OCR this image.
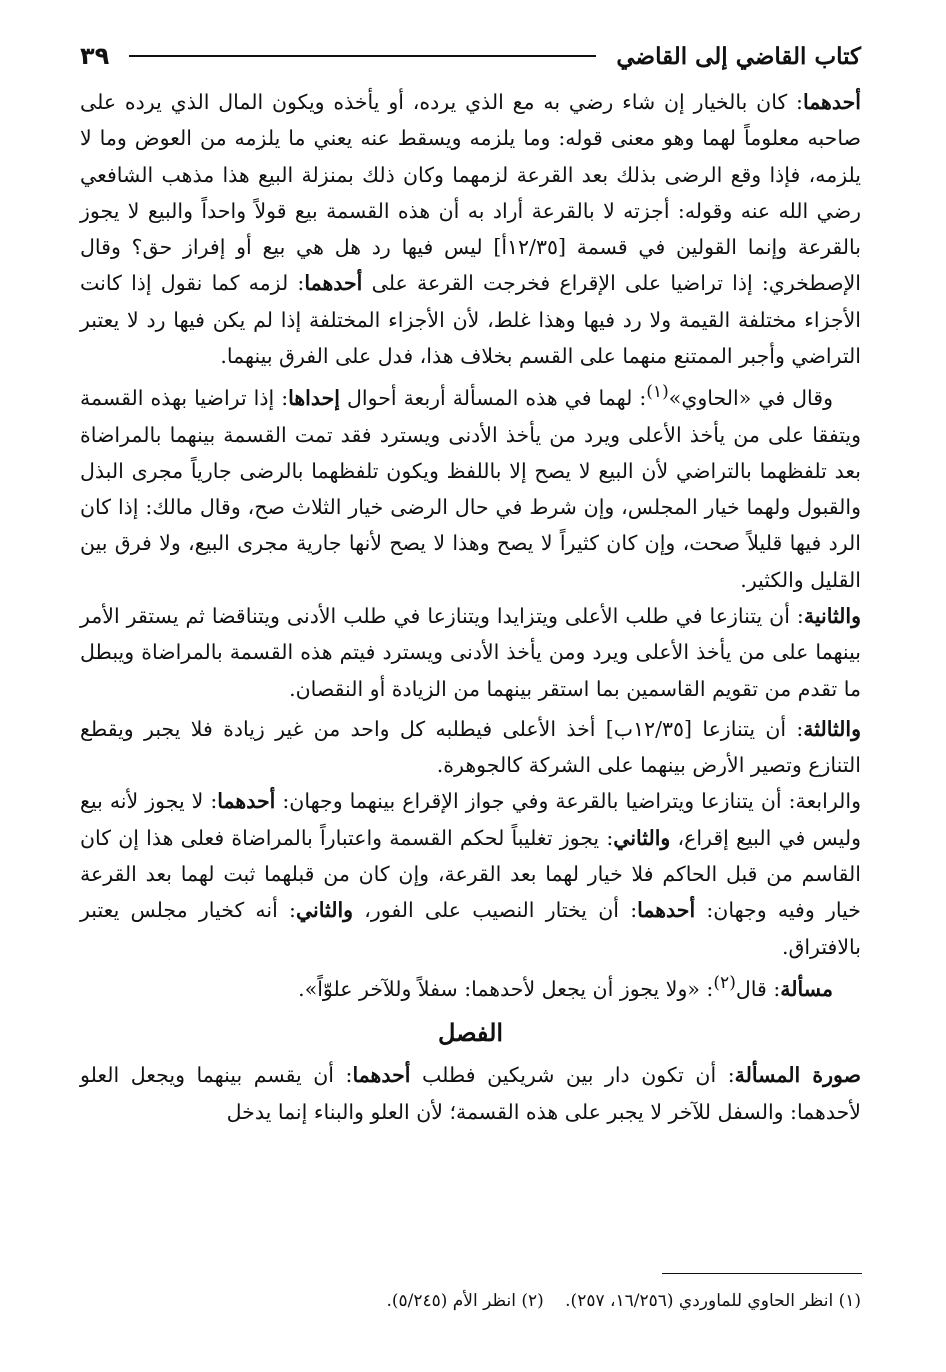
كتاب القاضي إلى القاضي
٣٩

أحدهما: كان بالخيار إن شاء رضي به مع الذي يرده، أو يأخذه ويكون المال الذي يرده على صاحبه معلوماً لهما وهو معنى قوله: وما يلزمه ويسقط عنه يعني ما يلزمه من العوض وما لا يلزمه، فإذا وقع الرضى بذلك بعد القرعة لزمهما وكان ذلك بمنزلة البيع هذا مذهب الشافعي رضي الله عنه وقوله: أجزته لا بالقرعة أراد به أن هذه القسمة بيع قولاً واحداً والبيع لا يجوز بالقرعة وإنما القولين في قسمة [١٢/٣٥أ] ليس فيها رد هل هي بيع أو إفراز حق؟ وقال الإصطخري: إذا تراضيا على الإقراع فخرجت القرعة على أحدهما: لزمه كما نقول إذا كانت الأجزاء مختلفة القيمة ولا رد فيها وهذا غلط، لأن الأجزاء المختلفة إذا لم يكن فيها رد لا يعتبر التراضي وأجبر الممتنع منهما على القسم بخلاف هذا، فدل على الفرق بينهما.

وقال في «الحاوي»$^{(١)}$: لهما في هذه المسألة أربعة أحوال إحداها: إذا تراضيا بهذه القسمة ويتفقا على من يأخذ الأعلى ويرد من يأخذ الأدنى ويسترد فقد تمت القسمة بينهما بالمراضاة بعد تلفظهما بالتراضي لأن البيع لا يصح إلا باللفظ ويكون تلفظهما بالرضى جارياً مجرى البذل والقبول ولهما خيار المجلس، وإن شرط في حال الرضى خيار الثلاث صح، وقال مالك: إذا كان الرد فيها قليلاً صحت، وإن كان كثيراً لا يصح وهذا لا يصح لأنها جارية مجرى البيع، ولا فرق بين القليل والكثير.

والثانية: أن يتنازعا في طلب الأعلى ويتزايدا ويتنازعا في طلب الأدنى ويتناقضا ثم يستقر الأمر بينهما على من يأخذ الأعلى ويرد ومن يأخذ الأدنى ويسترد فيتم هذه القسمة بالمراضاة ويبطل ما تقدم من تقويم القاسمين بما استقر بينهما من الزيادة أو النقصان.

والثالثة: أن يتنازعا [١٢/٣٥ب] أخذ الأعلى فيطلبه كل واحد من غير زيادة فلا يجبر ويقطع التنازع وتصير الأرض بينهما على الشركة كالجوهرة.

والرابعة: أن يتنازعا ويتراضيا بالقرعة وفي جواز الإقراع بينهما وجهان: أحدهما: لا يجوز لأنه بيع وليس في البيع إقراع، والثاني: يجوز تغليباً لحكم القسمة واعتباراً بالمراضاة فعلى هذا إن كان القاسم من قبل الحاكم فلا خيار لهما بعد القرعة، وإن كان من قبلهما ثبت لهما بعد القرعة خيار وفيه وجهان: أحدهما: أن يختار النصيب على الفور، والثاني: أنه كخيار مجلس يعتبر بالافتراق.

مسألة: قال$^{(٢)}$: «ولا يجوز أن يجعل لأحدهما: سفلاً وللآخر علوّاً».

الفصل

صورة المسألة: أن تكون دار بين شريكين فطلب أحدهما: أن يقسم بينهما ويجعل العلو لأحدهما: والسفل للآخر لا يجبر على هذه القسمة؛ لأن العلو والبناء إنما يدخل

(١) انظر الحاوي للماوردي (١٦/٢٥٦، ٢٥٧). (٢) انظر الأم (٥/٢٤٥).
